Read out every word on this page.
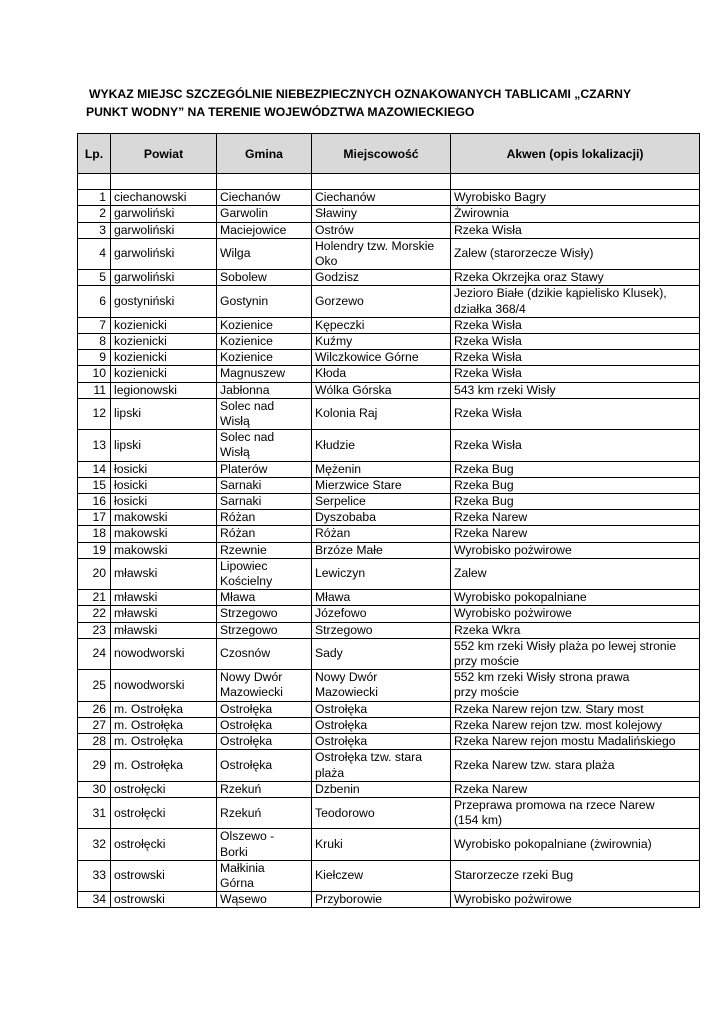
WYKAZ MIEJSC SZCZEGÓLNIE NIEBEZPIECZNYCH OZNAKOWANYCH TABLICAMI „CZARNY
PUNKT WODNY” NA TERENIE WOJEWÓDZTWA MAZOWIECKIEGO
Lp.	Powiat	Gmina	Miejscowość	Akwen (opis lokalizacji)

1	ciechanowski	Ciechanów	Ciechanów	Wyrobisko Bagry
2	garwoliński	Garwolin	Sławiny	Żwirownia
3	garwoliński	Maciejowice	Ostrów	Rzeka Wisła
4	garwoliński	Wilga	Holendry tzw. Morskie
Oko	Zalew (starorzecze Wisły)
5	garwoliński	Sobolew	Godzisz	Rzeka Okrzejka oraz Stawy
6	gostyniński	Gostynin	Gorzewo	Jezioro Białe (dzikie kąpielisko Klusek),
działka 368/4

7	kozienicki	Kozienice	Kępeczki	Rzeka Wisła
8	kozienicki	Kozienice	Kuźmy	Rzeka Wisła
9	kozienicki	Kozienice	Wilczkowice Górne	Rzeka Wisła
10	kozienicki	Magnuszew	Kłoda	Rzeka Wisła
11	legionowski	Jabłonna	Wólka Górska	543 km rzeki Wisły
12	lipski	Solec nad
Wisłą	Kolonia Raj	Rzeka Wisła
13	lipski	Solec nad
Wisłą	Kłudzie	Rzeka Wisła
14	łosicki	Platerów	Mężenin	Rzeka Bug
15	łosicki	Sarnaki	Mierzwice Stare	Rzeka Bug
16	łosicki	Sarnaki	Serpelice	Rzeka Bug
17	makowski	Różan	Dyszobaba	Rzeka Narew
18	makowski	Różan	Różan	Rzeka Narew
19	makowski	Rzewnie	Brzóze Małe	Wyrobisko pożwirowe
20	mławski	Lipowiec
Kościelny	Lewiczyn	Zalew
21	mławski	Mława	Mława	Wyrobisko pokopalniane
22	mławski	Strzegowo	Józefowo	Wyrobisko pożwirowe
23	mławski	Strzegowo	Strzegowo	Rzeka Wkra
24	nowodworski	Czosnów	Sady	552 km rzeki Wisły plaża po lewej stronie
przy moście

25	nowodworski	Nowy Dwór
Mazowiecki	Nowy Dwór
Mazowiecki	552 km rzeki Wisły strona prawa
przy moście

26	m. Ostrołęka	Ostrołęka	Ostrołęka	Rzeka Narew rejon tzw. Stary most
27	m. Ostrołęka	Ostrołęka	Ostrołęka	Rzeka Narew rejon tzw. most kolejowy
28	m. Ostrołęka	Ostrołęka	Ostrołęka	Rzeka Narew rejon mostu Madalińskiego
29	m. Ostrołęka	Ostrołęka	Ostrołęka tzw. stara
plaża	Rzeka Narew tzw. stara plaża
30	ostrołęcki	Rzekuń	Dzbenin	Rzeka Narew
31	ostrołęcki	Rzekuń	Teodorowo	Przeprawa promowa na rzece Narew
(154 km)

32	ostrołęcki	Olszewo -
Borki	Kruki	Wyrobisko pokopalniane (żwirownia)
33	ostrowski	Małkinia
Górna	Kiełczew	Starorzecze rzeki Bug
34	ostrowski	Wąsewo	Przyborowie	Wyrobisko pożwirowe
